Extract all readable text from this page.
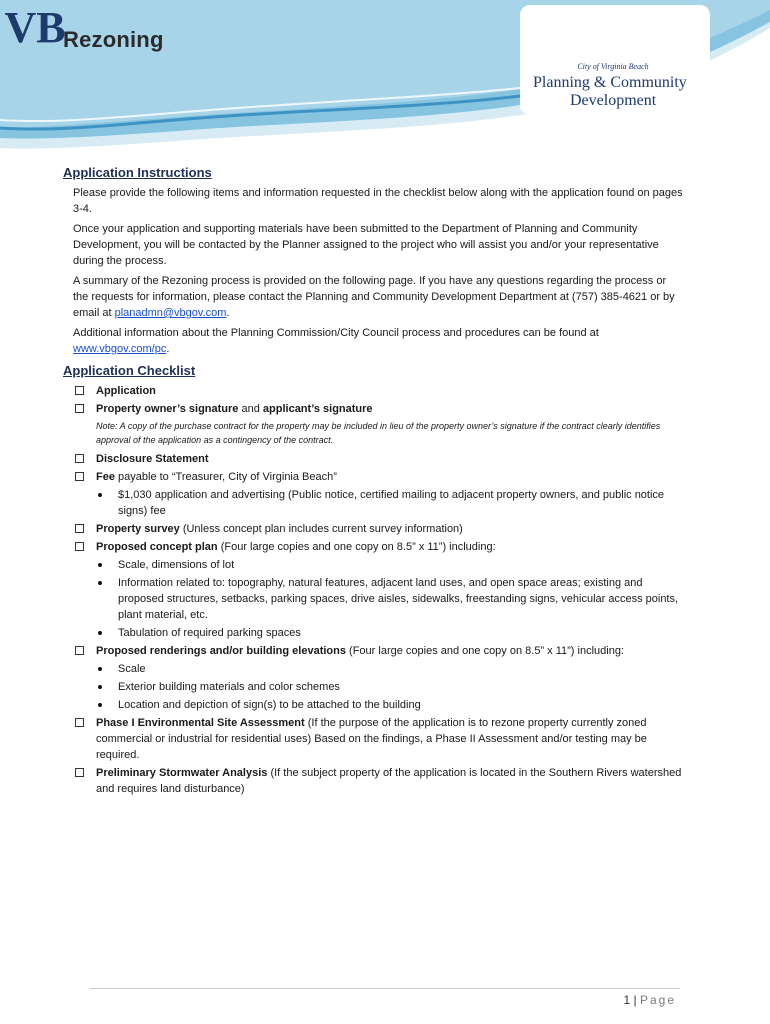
Rezoning
VB
City of Virginia Beach
Planning & Community
Development
Application Instructions

Please provide the following items and information requested in the checklist below along with the application found on pages 3-4.

Once your application and supporting materials have been submitted to the Department of Planning and Community Development, you will be contacted by the Planner assigned to the project who will assist you and/or your representative during the process.

A summary of the Rezoning process is provided on the following page. If you have any questions regarding the process or the requests for information, please contact the Planning and Community Development Department at (757) 385-4621 or by email at planadmn@vbgov.com.

Additional information about the Planning Commission/City Council process and procedures can be found at www.vbgov.com/pc.

Application Checklist
Application
Property owner’s signature and applicant’s signature
Note: A copy of the purchase contract for the property may be included in lieu of the property owner’s signature if the contract clearly identifies approval of the application as a contingency of the contract.
Disclosure Statement
Fee payable to “Treasurer, City of Virginia Beach”
$1,030 application and advertising (Public notice, certified mailing to adjacent property owners, and public notice signs) fee
Property survey (Unless concept plan includes current survey information)
Proposed concept plan (Four large copies and one copy on 8.5” x 11”) including:
Scale, dimensions of lot
Information related to: topography, natural features, adjacent land uses, and open space areas; existing and proposed structures, setbacks, parking spaces, drive aisles, sidewalks, freestanding signs, vehicular access points, plant material, etc.
Tabulation of required parking spaces
Proposed renderings and/or building elevations (Four large copies and one copy on 8.5” x 11”) including:
Scale
Exterior building materials and color schemes
Location and depiction of sign(s) to be attached to the building
Phase I Environmental Site Assessment (If the purpose of the application is to rezone property currently zoned commercial or industrial for residential uses) Based on the findings, a Phase II Assessment and/or testing may be required.
Preliminary Stormwater Analysis (If the subject property of the application is located in the Southern Rivers watershed and requires land disturbance)
1 | Page
